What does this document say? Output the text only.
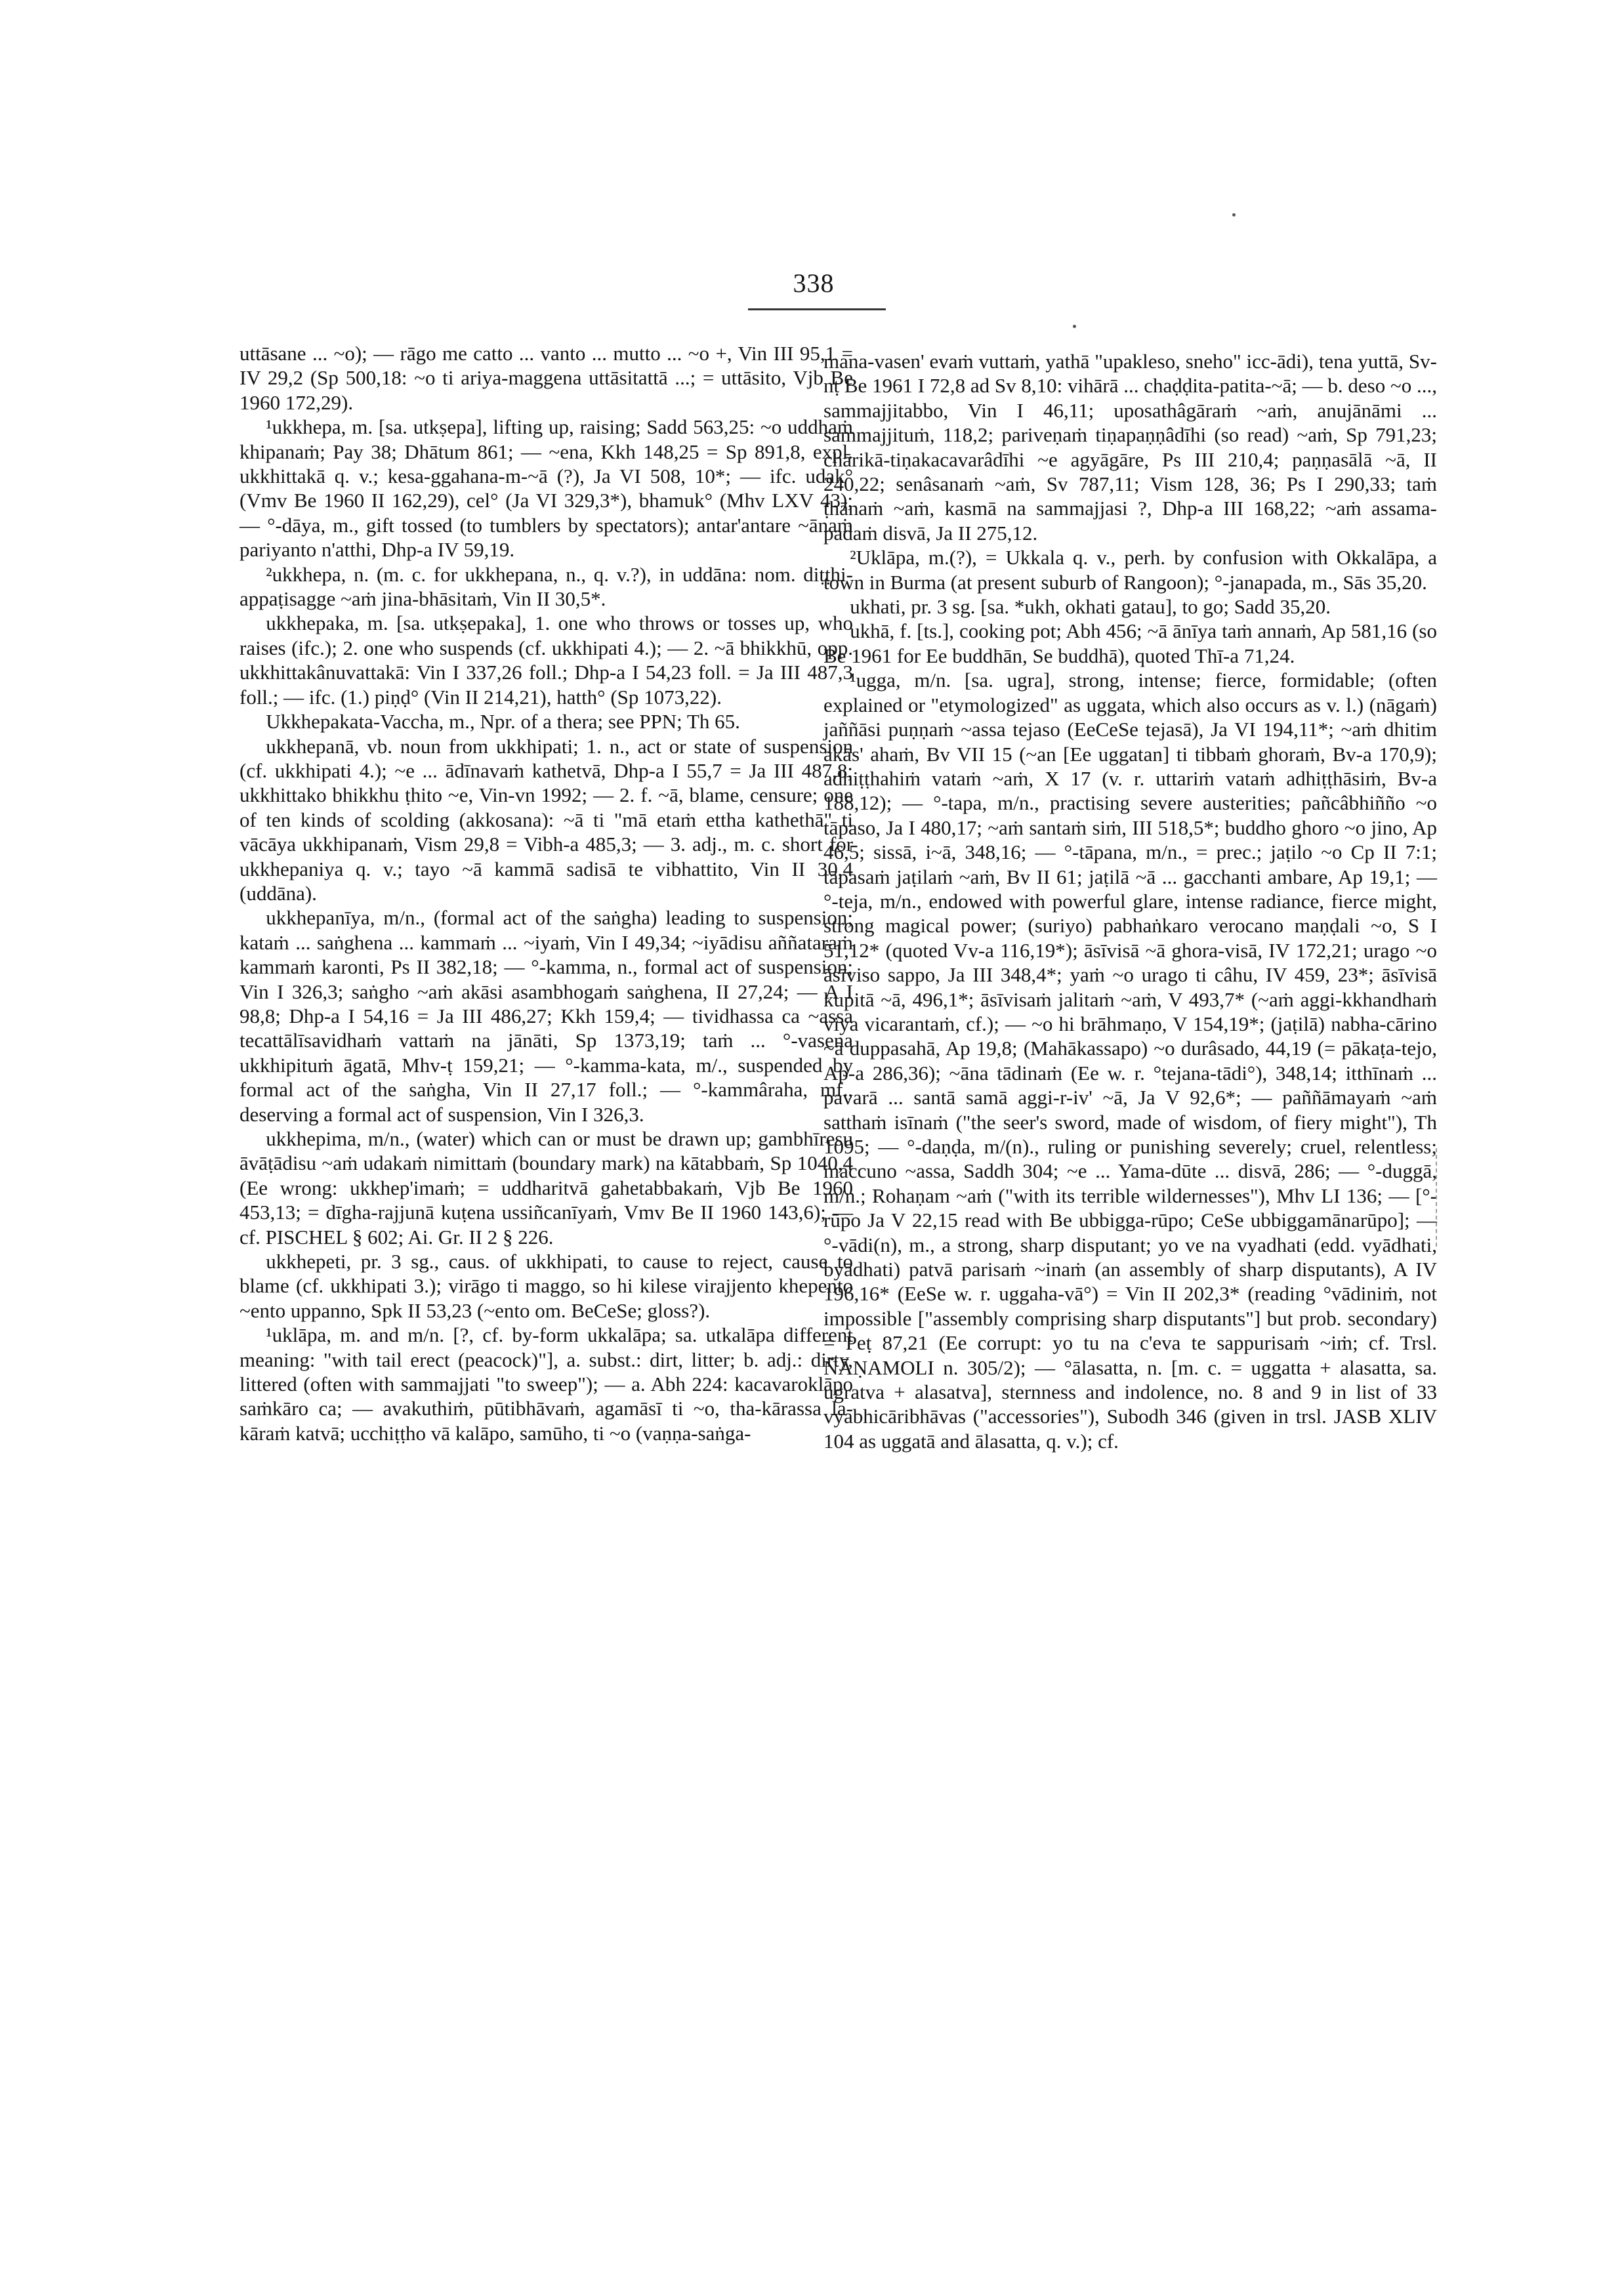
338

uttāsane ... ~o); — rāgo me catto ... vanto ... mutto ... ~o +, Vin III 95,1 = IV 29,2 (Sp 500,18: ~o ti ariya-maggena uttāsitattā ...; = uttāsito, Vjb Be 1960 172,29).

¹ukkhepa, m. [sa. utkṣepa], lifting up, raising; Sadd 563,25: ~o uddhaṁ khipanaṁ; Pay 38; Dhātum 861; — ~ena, Kkh 148,25 = Sp 891,8, expl. ukkhittakā q. v.; kesa-ggahana-m-~ā (?), Ja VI 508, 10*; — ifc. udak° (Vmv Be 1960 II 162,29), cel° (Ja VI 329,3*), bhamuk° (Mhv LXV 43); — °-dāya, m., gift tossed (to tumblers by spectators); antar'antare ~ānaṁ pariyanto n'atthi, Dhp-a IV 59,19.

²ukkhepa, n. (m. c. for ukkhepana, n., q. v.?), in uddāna: nom. diṭṭhi-appaṭisagge ~aṁ jina-bhāsitaṁ, Vin II 30,5*.

ukkhepaka, m. [sa. utkṣepaka], 1. one who throws or tosses up, who raises (ifc.); 2. one who suspends (cf. ukkhipati 4.); — 2. ~ā bhikkhū, opp. ukkhittakânuvattakā: Vin I 337,26 foll.; Dhp-a I 54,23 foll. = Ja III 487,3 foll.; — ifc. (1.) piṇḍ° (Vin II 214,21), hatth° (Sp 1073,22).

Ukkhepakata-Vaccha, m., Npr. of a thera; see PPN; Th 65.

ukkhepanā, vb. noun from ukkhipati; 1. n., act or state of suspension (cf. ukkhipati 4.); ~e ... ādīnavaṁ kathetvā, Dhp-a I 55,7 = Ja III 487,8; ukkhittako bhikkhu ṭhito ~e, Vin-vn 1992; — 2. f. ~ā, blame, censure; one of ten kinds of scolding (akkosana): ~ā ti "mā etaṁ ettha kathethā" ti vācāya ukkhipanaṁ, Vism 29,8 = Vibh-a 485,3; — 3. adj., m. c. short for ukkhepaniya q. v.; tayo ~ā kammā sadisā te vibhattito, Vin II 30,4 (uddāna).

ukkhepanīya, m/n., (formal act of the saṅgha) leading to suspension; kataṁ ... saṅghena ... kammaṁ ... ~iyaṁ, Vin I 49,34; ~iyādisu aññataraṁ kammaṁ karonti, Ps II 382,18; — °-kamma, n., formal act of suspension; Vin I 326,3; saṅgho ~aṁ akāsi asambhogaṁ saṅghena, II 27,24; — A I 98,8; Dhp-a I 54,16 = Ja III 486,27; Kkh 159,4; — tividhassa ca ~assa tecattālīsavidhaṁ vattaṁ na jānāti, Sp 1373,19; taṁ ... °-vasena ukkhipituṁ āgatā, Mhv-ṭ 159,21; — °-kamma-kata, m/., suspended by formal act of the saṅgha, Vin II 27,17 foll.; — °-kammâraha, mf., deserving a formal act of suspension, Vin I 326,3.

ukkhepima, m/n., (water) which can or must be drawn up; gambhīresu āvāṭādisu ~aṁ udakaṁ nimittaṁ (boundary mark) na kātabbaṁ, Sp 1040,4 (Ee wrong: ukkhep'imaṁ; = uddharitvā gahetabbakaṁ, Vjb Be 1960 453,13; = dīgha-rajjunā kuṭena ussiñcanīyaṁ, Vmv Be II 1960 143,6); — cf. PISCHEL § 602; Ai. Gr. II 2 § 226.

ukkhepeti, pr. 3 sg., caus. of ukkhipati, to cause to reject, cause to blame (cf. ukkhipati 3.); virāgo ti maggo, so hi kilese virajjento khepento ~ento uppanno, Spk II 53,23 (~ento om. BeCeSe; gloss?).

¹uklāpa, m. and m/n. [?, cf. by-form ukkalāpa; sa. utkalāpa different meaning: "with tail erect (peacock)"], a. subst.: dirt, litter; b. adj.: dirty, littered (often with sammajjati "to sweep"); — a. Abh 224: kacavaroklāpo saṁkāro ca; — avakuthiṁ, pūtibhāvaṁ, agamāsī ti ~o, tha-kārassa la-kāraṁ katvā; ucchiṭṭho vā kalāpo, samūho, ti ~o (vaṇṇa-saṅga-

mana-vasen' evaṁ vuttaṁ, yathā "upakleso, sneho" icc-ādi), tena yuttā, Sv-nṭ Be 1961 I 72,8 ad Sv 8,10: vihārā ... chaḍḍita-patita-~ā; — b. deso ~o ..., sammajjitabbo, Vin I 46,11; uposathâgāraṁ ~aṁ, anujānāmi ... sammajjituṁ, 118,2; pariveṇaṁ tiṇapaṇṇâdīhi (so read) ~aṁ, Sp 791,23; chārikā-tiṇakacavarâdīhi ~e agyāgāre, Ps III 210,4; paṇṇasālā ~ā, II 240,22; senâsanaṁ ~aṁ, Sv 787,11; Vism 128, 36; Ps I 290,33; taṁ ṭhānaṁ ~aṁ, kasmā na sammajjasi ?, Dhp-a III 168,22; ~aṁ assama-padaṁ disvā, Ja II 275,12.

²Uklāpa, m.(?), = Ukkala q. v., perh. by confusion with Okkalāpa, a town in Burma (at present suburb of Rangoon); °-janapada, m., Sās 35,20.

ukhati, pr. 3 sg. [sa. *ukh, okhati gatau], to go; Sadd 35,20.

ukhā, f. [ts.], cooking pot; Abh 456; ~ā ānīya taṁ annaṁ, Ap 581,16 (so Be 1961 for Ee buddhān, Se buddhā), quoted Thī-a 71,24.

¹ugga, m/n. [sa. ugra], strong, intense; fierce, formidable; (often explained or "etymologized" as uggata, which also occurs as v. l.) (nāgaṁ) jaññāsi puṇṇaṁ ~assa tejaso (EeCeSe tejasā), Ja VI 194,11*; ~aṁ dhitim akās' ahaṁ, Bv VII 15 (~an [Ee uggatan] ti tibbaṁ ghoraṁ, Bv-a 170,9); adhiṭṭhahiṁ vataṁ ~aṁ, X 17 (v. r. uttariṁ vataṁ adhiṭṭhāsiṁ, Bv-a 188,12); — °-tapa, m/n., practising severe austerities; pañcâbhiñño ~o tāpaso, Ja I 480,17; ~aṁ santaṁ siṁ, III 518,5*; buddho ghoro ~o jino, Ap 46,5; sissā, i~ā, 348,16; — °-tāpana, m/n., = prec.; jaṭilo ~o Cp II 7:1; tāpasaṁ jaṭilaṁ ~aṁ, Bv II 61; jaṭilā ~ā ... gacchanti ambare, Ap 19,1; — °-teja, m/n., endowed with powerful glare, intense radiance, fierce might, strong magical power; (suriyo) pabhaṅkaro verocano maṇḍali ~o, S I 51,12* (quoted Vv-a 116,19*); āsīvisā ~ā ghora-visā, IV 172,21; urago ~o āsīviso sappo, Ja III 348,4*; yaṁ ~o urago ti câhu, IV 459, 23*; āsīvisā kupitā ~ā, 496,1*; āsīvisaṁ jalitaṁ ~aṁ, V 493,7* (~aṁ aggi-kkhandhaṁ viya vicarantaṁ, cf.); — ~o hi brāhmaṇo, V 154,19*; (jaṭilā) nabha-cārino ~ā duppasahā, Ap 19,8; (Mahākassapo) ~o durâsado, 44,19 (= pākaṭa-tejo, Ap-a 286,36); ~āna tādinaṁ (Ee w. r. °tejana-tādi°), 348,14; itthīnaṁ ... pavarā ... santā samā aggi-r-iv' ~ā, Ja V 92,6*; — paññāmayaṁ ~aṁ satthaṁ isīnaṁ ("the seer's sword, made of wisdom, of fiery might"), Th 1095; — °-daṇḍa, m/(n)., ruling or punishing severely; cruel, relentless; maccuno ~assa, Saddh 304; ~e ... Yama-dūte ... disvā, 286; — °-duggā, m/n.; Rohaṇam ~aṁ ("with its terrible wildernesses"), Mhv LI 136; — [°-rūpo Ja V 22,15 read with Be ubbigga-rūpo; CeSe ubbiggamānarūpo]; — °-vādi(n), m., a strong, sharp disputant; yo ve na vyadhati (edd. vyādhati, byādhati) patvā parisaṁ ~inaṁ (an assembly of sharp disputants), A IV 196,16* (EeSe w. r. uggaha-vā°) = Vin II 202,3* (reading °vādiniṁ, not impossible ["assembly comprising sharp disputants"] but prob. secondary) = Peṭ 87,21 (Ee corrupt: yo tu na c'eva te sappurisaṁ ~iṁ; cf. Trsl. ÑĀṆAMOLI n. 305/2); — °ālasatta, n. [m. c. = uggatta + alasatta, sa. ugratva + alasatva], sternness and indolence, no. 8 and 9 in list of 33 vyabhicāribhāvas ("accessories"), Subodh 346 (given in trsl. JASB XLIV 104 as uggatā and ālasatta, q. v.); cf.
